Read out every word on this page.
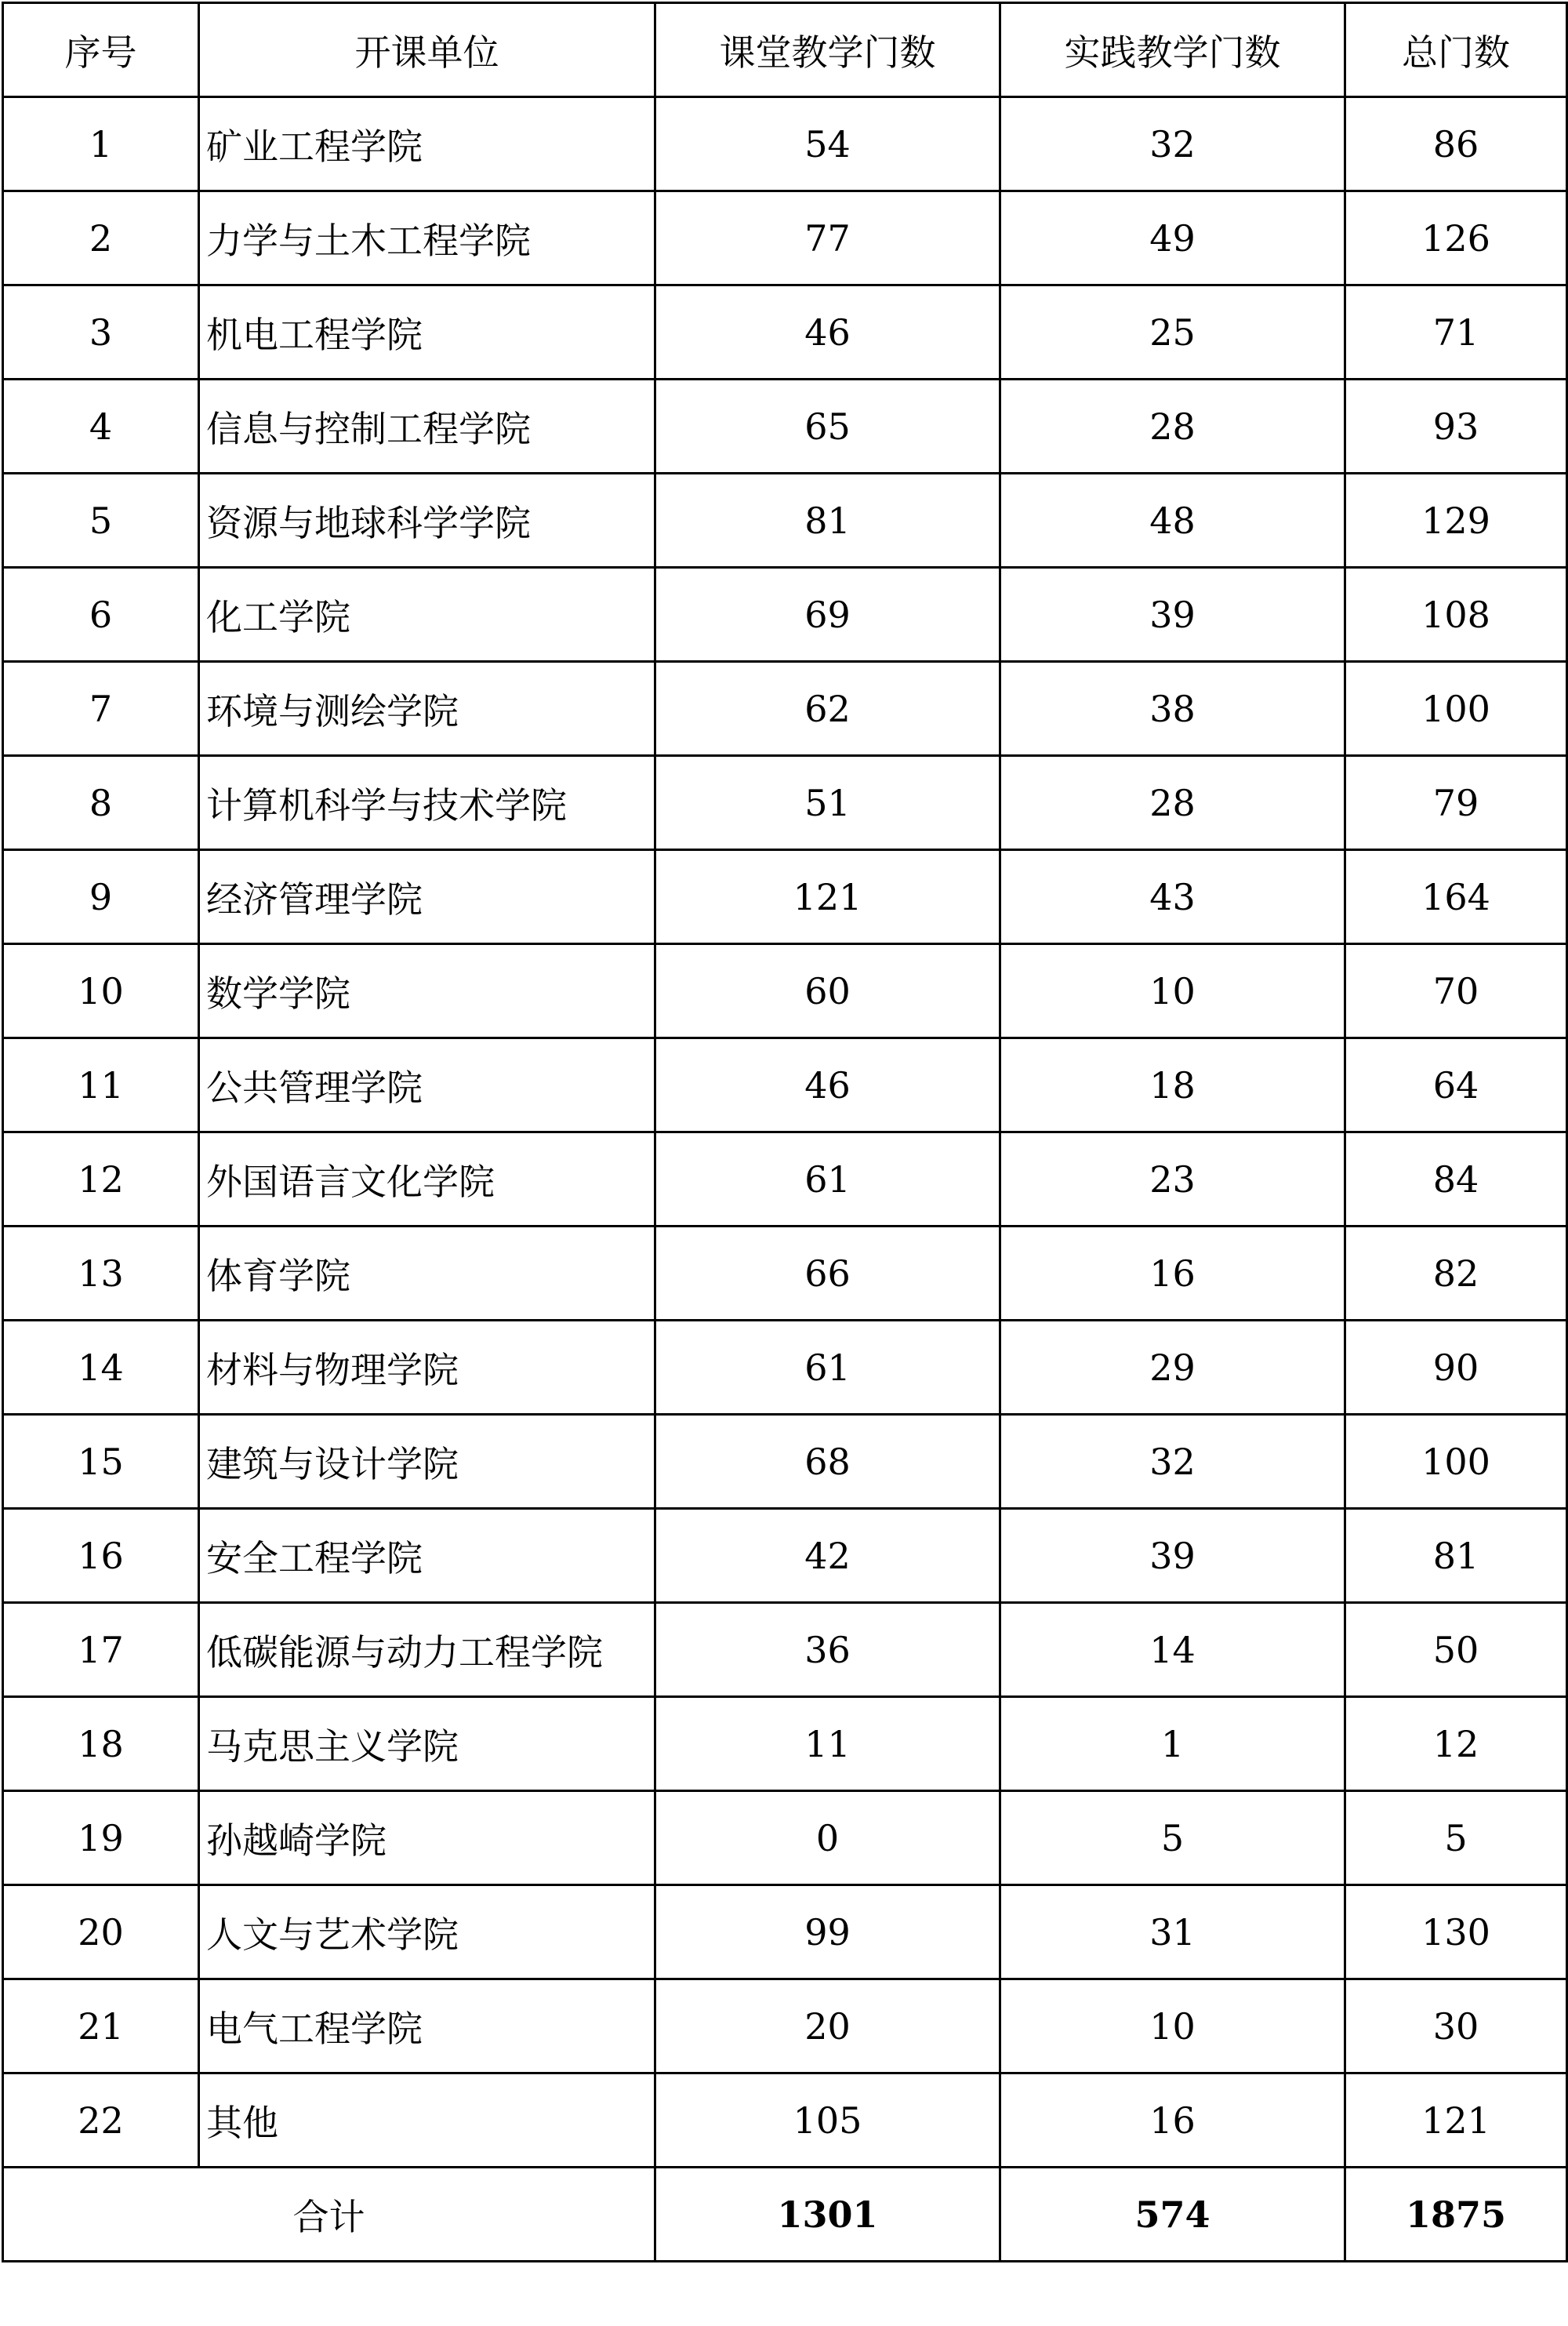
序号	开课单位	课堂教学门数	实践教学门数	总门数
1	矿业工程学院	54	32	86
2	力学与土木工程学院	77	49	126
3	机电工程学院	46	25	71
4	信息与控制工程学院	65	28	93
5	资源与地球科学学院	81	48	129
6	化工学院	69	39	108
7	环境与测绘学院	62	38	100
8	计算机科学与技术学院	51	28	79
9	经济管理学院	121	43	164
10	数学学院	60	10	70
11	公共管理学院	46	18	64
12	外国语言文化学院	61	23	84
13	体育学院	66	16	82
14	材料与物理学院	61	29	90
15	建筑与设计学院	68	32	100
16	安全工程学院	42	39	81
17	低碳能源与动力工程学院	36	14	50
18	马克思主义学院	11	1	12
19	孙越崎学院	0	5	5
20	人文与艺术学院	99	31	130
21	电气工程学院	20	10	30
22	其他	105	16	121
合计		1301	574	1875
